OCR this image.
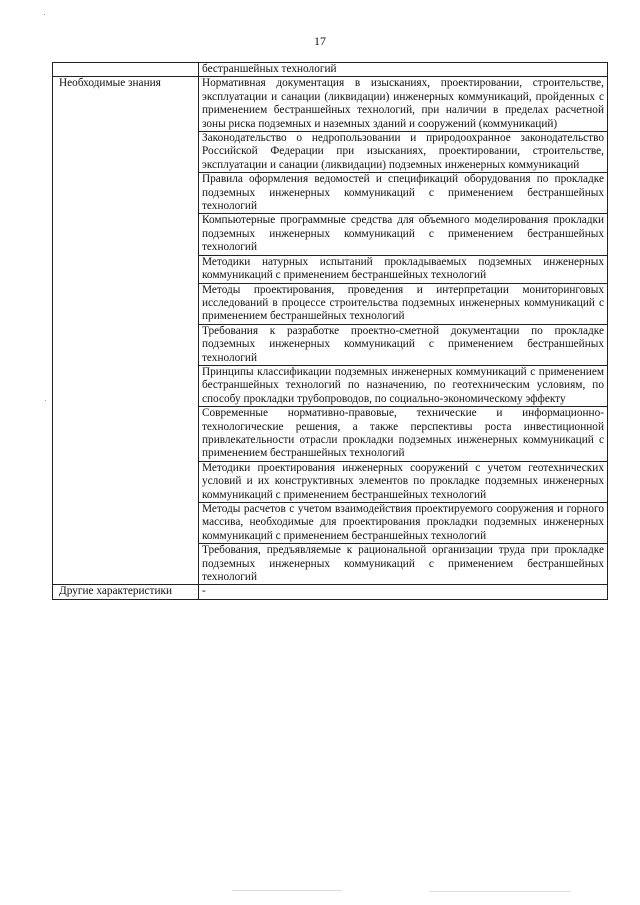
17
	бестраншейных технологий
Необходимые знания	Нормативная документация в изысканиях, проектировании, строительстве, эксплуатации и санации (ликвидации) инженерных коммуникаций, пройденных с применением бестраншейных технологий, при наличии в пределах расчетной зоны риска подземных и наземных зданий и сооружений (коммуникаций)
	Законодательство о недропользовании и природоохранное законодательство Российской Федерации при изысканиях, проектировании, строительстве, эксплуатации и санации (ликвидации) подземных инженерных коммуникаций
	Правила оформления ведомостей и спецификаций оборудования по прокладке подземных инженерных коммуникаций с применением бестраншейных технологий
	Компьютерные программные средства для объемного моделирования прокладки подземных инженерных коммуникаций с применением бестраншейных технологий
	Методики натурных испытаний прокладываемых подземных инженерных коммуникаций с применением бестраншейных технологий
	Методы проектирования, проведения и интерпретации мониторинговых исследований в процессе строительства подземных инженерных коммуникаций с применением бестраншейных технологий
	Требования к разработке проектно-сметной документации по прокладке подземных инженерных коммуникаций с применением бестраншейных технологий
	Принципы классификации подземных инженерных коммуникаций с применением бестраншейных технологий по назначению, по геотехническим условиям, по способу прокладки трубопроводов, по социально-экономическому эффекту
	Современные нормативно-правовые, технические и информационно-технологические решения, а также перспективы роста инвестиционной привлекательности отрасли прокладки подземных инженерных коммуникаций с применением бестраншейных технологий
	Методики проектирования инженерных сооружений с учетом геотехнических условий и их конструктивных элементов по прокладке подземных инженерных коммуникаций с применением бестраншейных технологий
	Методы расчетов с учетом взаимодействия проектируемого сооружения и горного массива, необходимые для проектирования прокладки подземных инженерных коммуникаций с применением бестраншейных технологий
	Требования, предъявляемые к рациональной организации труда при прокладке подземных инженерных коммуникаций с применением бестраншейных технологий
Другие характеристики	-
